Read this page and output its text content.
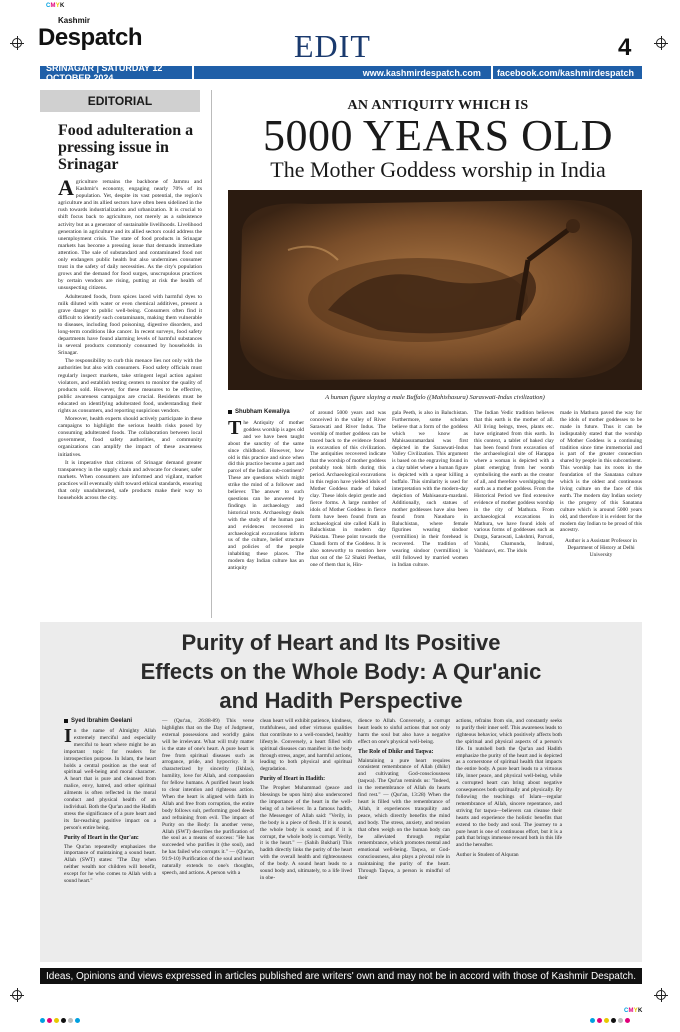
CMYK
CMYK
Kashmir
Despatch	EDIT	4
SRINAGAR | SATURDAY 12 OCTOBER 2024	www.kashmirdespatch.com	facebook.com/kashmirdespatch
EDITORIAL
Food adulteration a pressing issue in Srinagar

Agriculture remains the backbone of Jammu and Kashmir's economy, engaging nearly 70% of its population. Yet, despite its vast potential, the region's agriculture and its allied sectors have often been sidelined in the rush towards industrialization and urbanization. It is crucial to shift focus back to agriculture, not merely as a subsistence activity but as a generator of sustainable livelihoods. Livelihood generation in agriculture and its allied sectors could address the unemployment crisis. The state of food products in Srinagar markets has become a pressing issue that demands immediate attention. The sale of substandard and contaminated food not only endangers public health but also undermines consumer trust in the safety of daily necessities. As the city's population grows and the demand for food surges, unscrupulous practices by certain vendors are rising, putting at risk the health of unsuspecting citizens.

Adulterated foods, from spices laced with harmful dyes to milk diluted with water or even chemical additives, present a grave danger to public well-being. Consumers often find it difficult to identify such contaminants, making them vulnerable to diseases, including food poisoning, digestive disorders, and long-term conditions like cancer. In recent surveys, food safety departments have found alarming levels of harmful substances in several products commonly consumed by households in Srinagar.

The responsibility to curb this menace lies not only with the authorities but also with consumers. Food safety officials must regularly inspect markets, take stringent legal action against violators, and establish testing centers to monitor the quality of products sold. However, for these measures to be effective, public awareness campaigns are crucial. Residents must be educated on identifying adulterated food, understanding their rights as consumers, and reporting suspicious vendors.

Moreover, health experts should actively participate in these campaigns to highlight the serious health risks posed by consuming adulterated foods. The collaboration between local government, food safety authorities, and community organizations can amplify the impact of these awareness initiatives.

It is imperative that citizens of Srinagar demand greater transparency in the supply chain and advocate for cleaner, safer markets. When consumers are informed and vigilant, market practices will eventually shift toward ethical standards, ensuring that only unadulterated, safe products make their way to households across the city.

AN ANTIQUITY WHICH IS
5000 YEARS OLD
The Mother Goddess worship in India
A human figure slaying a male Buffalo ((Mahishasura) Saraswati-Indus civilization)
Shubham Kewaliya

The Antiquity of mother goddess worship is ages old and we have been taught about the sanctity of the same since childhood. However, how old is this practice and since when did this practice become a part and parcel of the Indian sub-continent? These are questions which might strike the mind of a follower and believer. The answer to such questions can be answered by findings in archaeology and historical texts. Archaeology deals with the study of the human past and evidences recovered in archaeological excavations inform us of the culture, belief structure and policies of the people inhabiting these places. The modern day Indian culture has an antiquity

of around 5000 years and was conceived in the valley of River Saraswati and River Indus. The worship of mother goddess can be traced back to the evidence found in excavation of this civilization. The antiquities recovered indicate that the worship of mother goddess probably took birth during this period. Archaeological excavations in this region have yielded idols of Mother Goddess made of baked clay. These idols depict gentle and fierce forms. A large number of idols of Mother Goddess in fierce form have been found from an archaeological site called Kalli in Baluchistan in modern day Pakistan. These point towards the Chandi form of the Goddess. It is also noteworthy to mention here that out of the 52 Shakti Peethas, one of them that is, Hin-
gala Peeth, is also in Baluchistan. Furthermore, some scholars believe that a form of the goddess which we know as Mahisasuramardani was first depicted in the Saraswati-Indus Valley Civilization. This argument is based on the engraving found in a clay tablet where a human figure is depicted with a spear killing a buffalo. This similarity is used for interpretation with the modern-day depiction of Mahisasura-mardani. Additionally, such statues of mother goddesses have also been found from Nausharo in Baluchistan, where female figurines wearing sindoor (vermillion) in their forehead is recovered. The tradition of wearing sindoor (vermillion) is still followed by married women in Indian culture.
The Indian Vedic tradition believes that this earth is the mother of all. All living beings, trees, plants etc. have originated from this earth. In this context, a tablet of baked clay has been found from excavation of the archaeological site of Harappa where a woman is depicted with a plant emerging from her womb symbolising the earth as the creator of all, and therefore worshipping the earth as a mother goddess. From the Historical Period we find extensive evidence of mother goddess worship in the city of Mathura. From archaeological excavations in Mathura, we have found idols of various forms of goddesses such as Durga, Saraswati, Lakshmi, Parvati, Varahi, Chamunda, Indrani, Vaishnavi, etc. The idols

made in Mathura paved the way for the idols of mother goddesses to be made in future. Thus it can be indisputably stated that the worship of Mother Goddess is a continuing tradition since time immemorial and is part of the greater connection shared by people in this subcontinent. This worship has its roots in the foundation of the Sanatana culture which is the oldest and continuous living culture on the face of this earth. The modern day Indian society is the progeny of this Sanatana culture which is around 5000 years old, and therefore it is evident for the modern day Indian to be proud of this ancestry.

Author is a Assistant Professor in Department of History at Delhi University

Purity of Heart and Its Positive
Effects on the Whole Body: A Qur'anic
and Hadith Perspective
Syed Ibrahim Geelani

In the name of Almighty Allah extremely merciful and especially merciful to heart where might be an important topic for readers for introspection purpose. In Islam, the heart holds a central position as the seat of spiritual well-being and moral character. A heart that is pure and cleansed from malice, envy, hatred, and other spiritual ailments is often reflected in the moral conduct and physical health of an individual. Both the Qur'an and the Hadith stress the significance of a pure heart and its far-reaching positive impact on a person's entire being.

Purity of Heart in the Qur'an:

The Qur'an repeatedly emphasizes the importance of maintaining a sound heart. Allah (SWT) states: "The Day when neither wealth nor children will benefit, except for he who comes to Allah with a sound heart."

— (Qur'an, 26:88-89) This verse highlights that on the Day of Judgment, external possessions and worldly gains will be irrelevant. What will truly matter is the state of one's heart. A pure heart is free from spiritual diseases such as arrogance, pride, and hypocrisy. It is characterized by sincerity (Ikhlas), humility, love for Allah, and compassion for fellow humans. A purified heart leads to clear intention and righteous action. When the heart is aligned with faith in Allah and free from corruption, the entire body follows suit, performing good deeds and refraining from evil. The impact of Purity on the Body: In another verse, Allah (SWT) describes the purification of the soul as a means of success: "He has succeeded who purifies it (the soul), and he has failed who corrupts it." — (Qur'an, 91:9-10) Purification of the soul and heart naturally extends to one's thoughts, speech, and actions. A person with a

clean heart will exhibit patience, kindness, truthfulness, and other virtuous qualities that contribute to a well-rounded, healthy lifestyle. Conversely, a heart filled with spiritual diseases can manifest in the body through stress, anger, and harmful actions, leading to both physical and spiritual degradation.

Purity of Heart in Hadith:

The Prophet Muhammad (peace and blessings be upon him) also underscored the importance of the heart in the well-being of a believer. In a famous hadith, the Messenger of Allah said: "Verily, in the body is a piece of flesh. If it is sound, the whole body is sound; and if it is corrupt, the whole body is corrupt. Verily, it is the heart." — (Sahih Bukhari) This hadith directly links the purity of the heart with the overall health and righteousness of the body. A sound heart leads to a sound body and, ultimately, to a life lived in obe-

dience to Allah. Conversely, a corrupt heart leads to sinful actions that not only harm the soul but also have a negative effect on one's physical well-being.

The Role of Dhikr and Taqwa:

Maintaining a pure heart requires consistent remembrance of Allah (dhikr) and cultivating God-consciousness (taqwa). The Qur'an reminds us: "Indeed, in the remembrance of Allah do hearts find rest." — (Qur'an, 13:28) When the heart is filled with the remembrance of Allah, it experiences tranquility and peace, which directly benefits the mind and body. The stress, anxiety, and tension that often weigh on the human body can be alleviated through regular remembrance, which promotes mental and emotional well-being. Taqwa, or God-consciousness, also plays a pivotal role in maintaining the purity of the heart. Through Taqwa, a person is mindful of their

actions, refrains from sin, and constantly seeks to purify their inner self. This awareness leads to righteous behavior, which positively affects both the spiritual and physical aspects of a person's life. In nutshell both the Qur'an and Hadith emphasize the purity of the heart and is depicted as a cornerstone of spiritual health that impacts the entire body. A pure heart leads to a virtuous life, inner peace, and physical well-being, while a corrupted heart can bring about negative consequences both spiritually and physically. By following the teachings of Islam—regular remembrance of Allah, sincere repentance, and striving for taqwa—believers can cleanse their hearts and experience the holistic benefits that extend to the body and soul. The journey to a pure heart is one of continuous effort, but it is a path that brings immense reward both in this life and the hereafter.

Author is Student of Alquran

Ideas, Opinions and views expressed in articles published are writers' own and may not be in accord with those of Kashmir Despatch.
